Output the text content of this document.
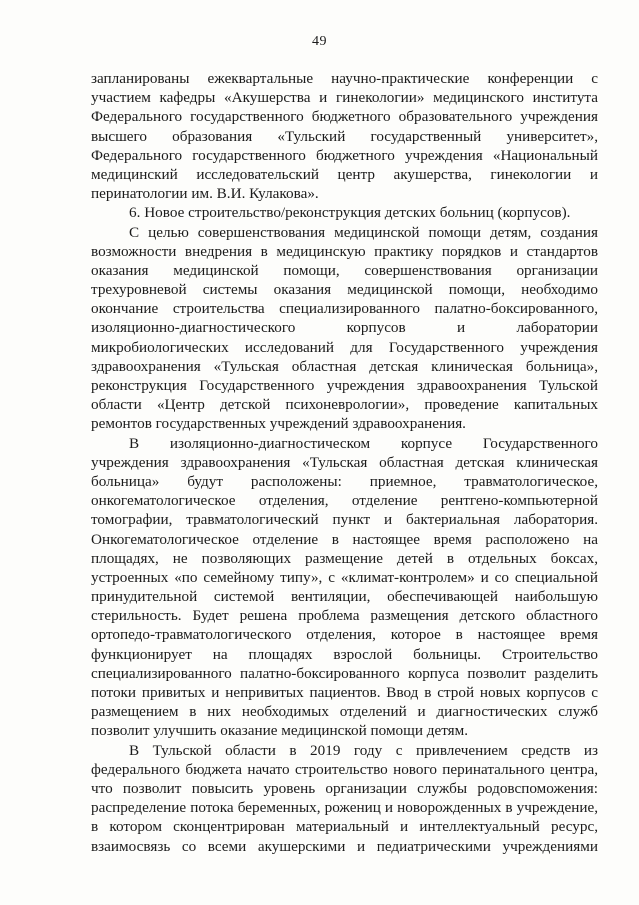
49
запланированы ежеквартальные научно-практические конференции с
участием кафедры «Акушерства и гинекологии» медицинского института
Федерального государственного бюджетного образовательного учреждения
высшего образования «Тульский государственный университет»,
Федерального государственного бюджетного учреждения «Национальный
медицинский исследовательский центр акушерства, гинекологии и
перинатологии им. В.И. Кулакова».
6. Новое строительство/реконструкция детских больниц (корпусов).
С целью совершенствования медицинской помощи детям, создания
возможности внедрения в медицинскую практику порядков и стандартов
оказания медицинской помощи, совершенствования организации
трехуровневой системы оказания медицинской помощи, необходимо
окончание строительства специализированного палатно-боксированного,
изоляционно-диагностического корпусов и лаборатории
микробиологических исследований для Государственного учреждения
здравоохранения «Тульская областная детская клиническая больница»,
реконструкция Государственного учреждения здравоохранения Тульской
области «Центр детской психоневрологии», проведение капитальных
ремонтов государственных учреждений здравоохранения.
В изоляционно-диагностическом корпусе Государственного
учреждения здравоохранения «Тульская областная детская клиническая
больница» будут расположены: приемное, травматологическое,
онкогематологическое отделения, отделение рентгено-компьютерной
томографии, травматологический пункт и бактериальная лаборатория.
Онкогематологическое отделение в настоящее время расположено на
площадях, не позволяющих размещение детей в отдельных боксах,
устроенных «по семейному типу», с «климат-контролем» и со специальной
принудительной системой вентиляции, обеспечивающей наибольшую
стерильность. Будет решена проблема размещения детского областного
ортопедо-травматологического отделения, которое в настоящее время
функционирует на площадях взрослой больницы. Строительство
специализированного палатно-боксированного корпуса позволит разделить
потоки привитых и непривитых пациентов. Ввод в строй новых корпусов с
размещением в них необходимых отделений и диагностических служб
позволит улучшить оказание медицинской помощи детям.
В Тульской области в 2019 году с привлечением средств из
федерального бюджета начато строительство нового перинатального центра,
что позволит повысить уровень организации службы родовспоможения:
распределение потока беременных, рожениц и новорожденных в учреждение,
в котором сконцентрирован материальный и интеллектуальный ресурс,
взаимосвязь со всеми акушерскими и педиатрическими учреждениями
